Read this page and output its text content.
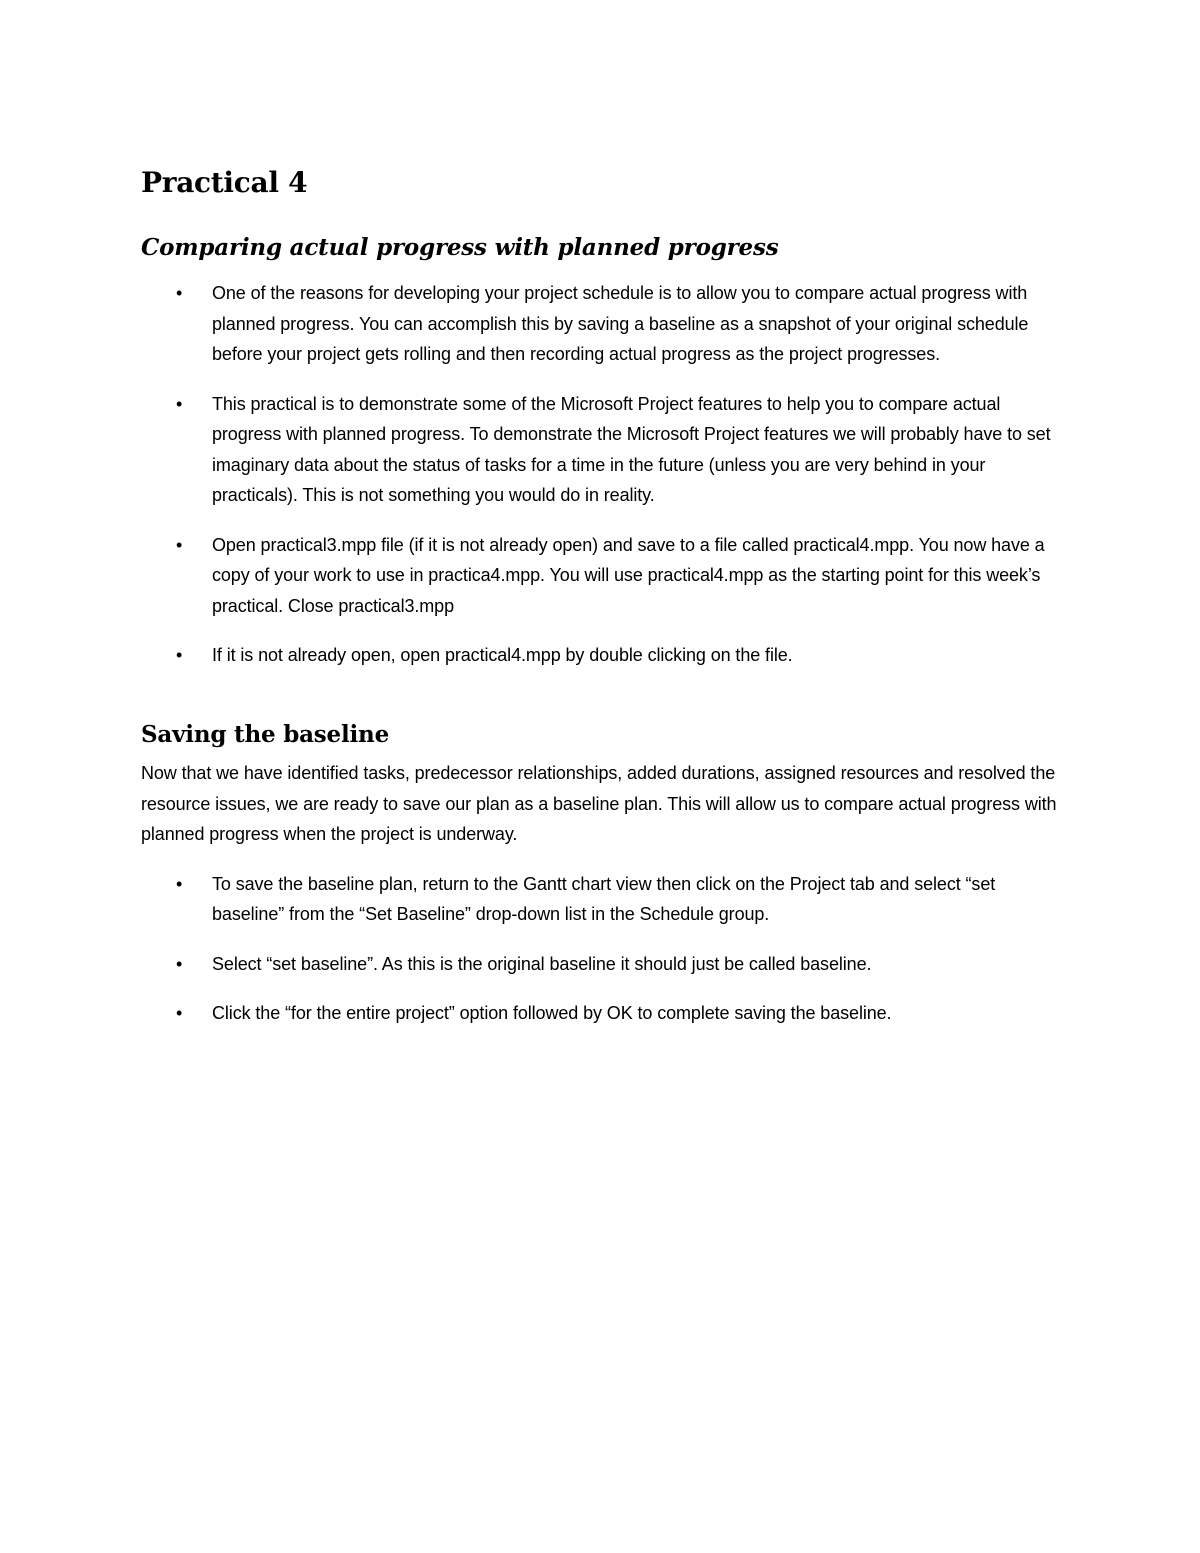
Practical 4
Comparing actual progress with planned progress
• One of the reasons for developing your project schedule is to allow you to compare actual progress with planned progress. You can accomplish this by saving a baseline as a snapshot of your original schedule before your project gets rolling and then recording actual progress as the project progresses.
• This practical is to demonstrate some of the Microsoft Project features to help you to compare actual progress with planned progress. To demonstrate the Microsoft Project features we will probably have to set imaginary data about the status of tasks for a time in the future (unless you are very behind in your practicals). This is not something you would do in reality.
• Open practical3.mpp file (if it is not already open) and save to a file called practical4.mpp. You now have a copy of your work to use in practica4.mpp. You will use practical4.mpp as the starting point for this week’s practical. Close practical3.mpp
• If it is not already open, open practical4.mpp by double clicking on the file.
Saving the baseline

Now that we have identified tasks, predecessor relationships, added durations, assigned resources and resolved the resource issues, we are ready to save our plan as a baseline plan. This will allow us to compare actual progress with planned progress when the project is underway.

• To save the baseline plan, return to the Gantt chart view then click on the Project tab and select “set baseline” from the “Set Baseline” drop-down list in the Schedule group.
• Select “set baseline”. As this is the original baseline it should just be called baseline.
• Click the “for the entire project” option followed by OK to complete saving the baseline.
